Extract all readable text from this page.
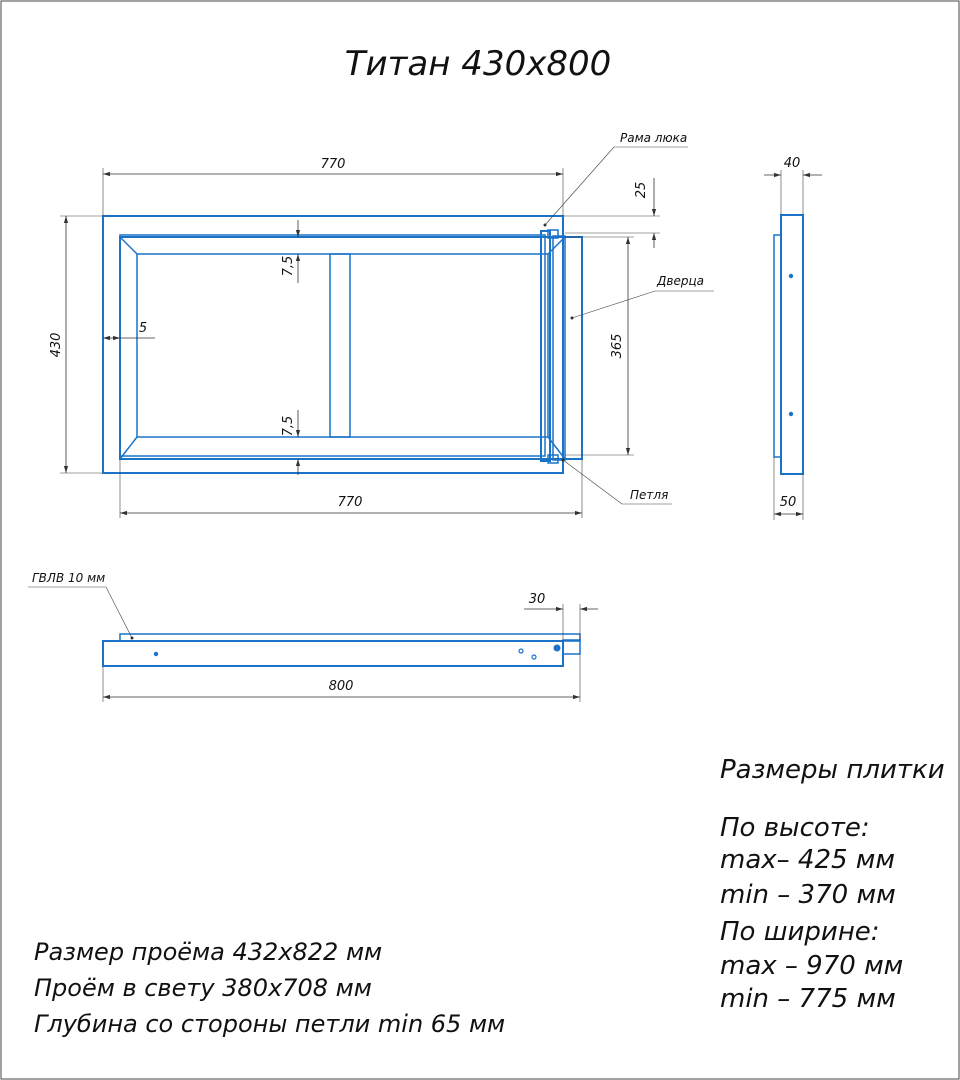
Титан 430х800
770
770
430	365
5
7,5
7,5
25
Рама люка
Дверца
Петля
40
50
800
30
ГВЛВ 10 мм
Размеры плитки
По высоте:
max– 425 мм
min – 370 мм
По ширине:
max – 970 мм
min – 775 мм
Размер проёма 432х822 мм
Проём в свету 380х708 мм
Глубина со стороны петли min 65 мм
